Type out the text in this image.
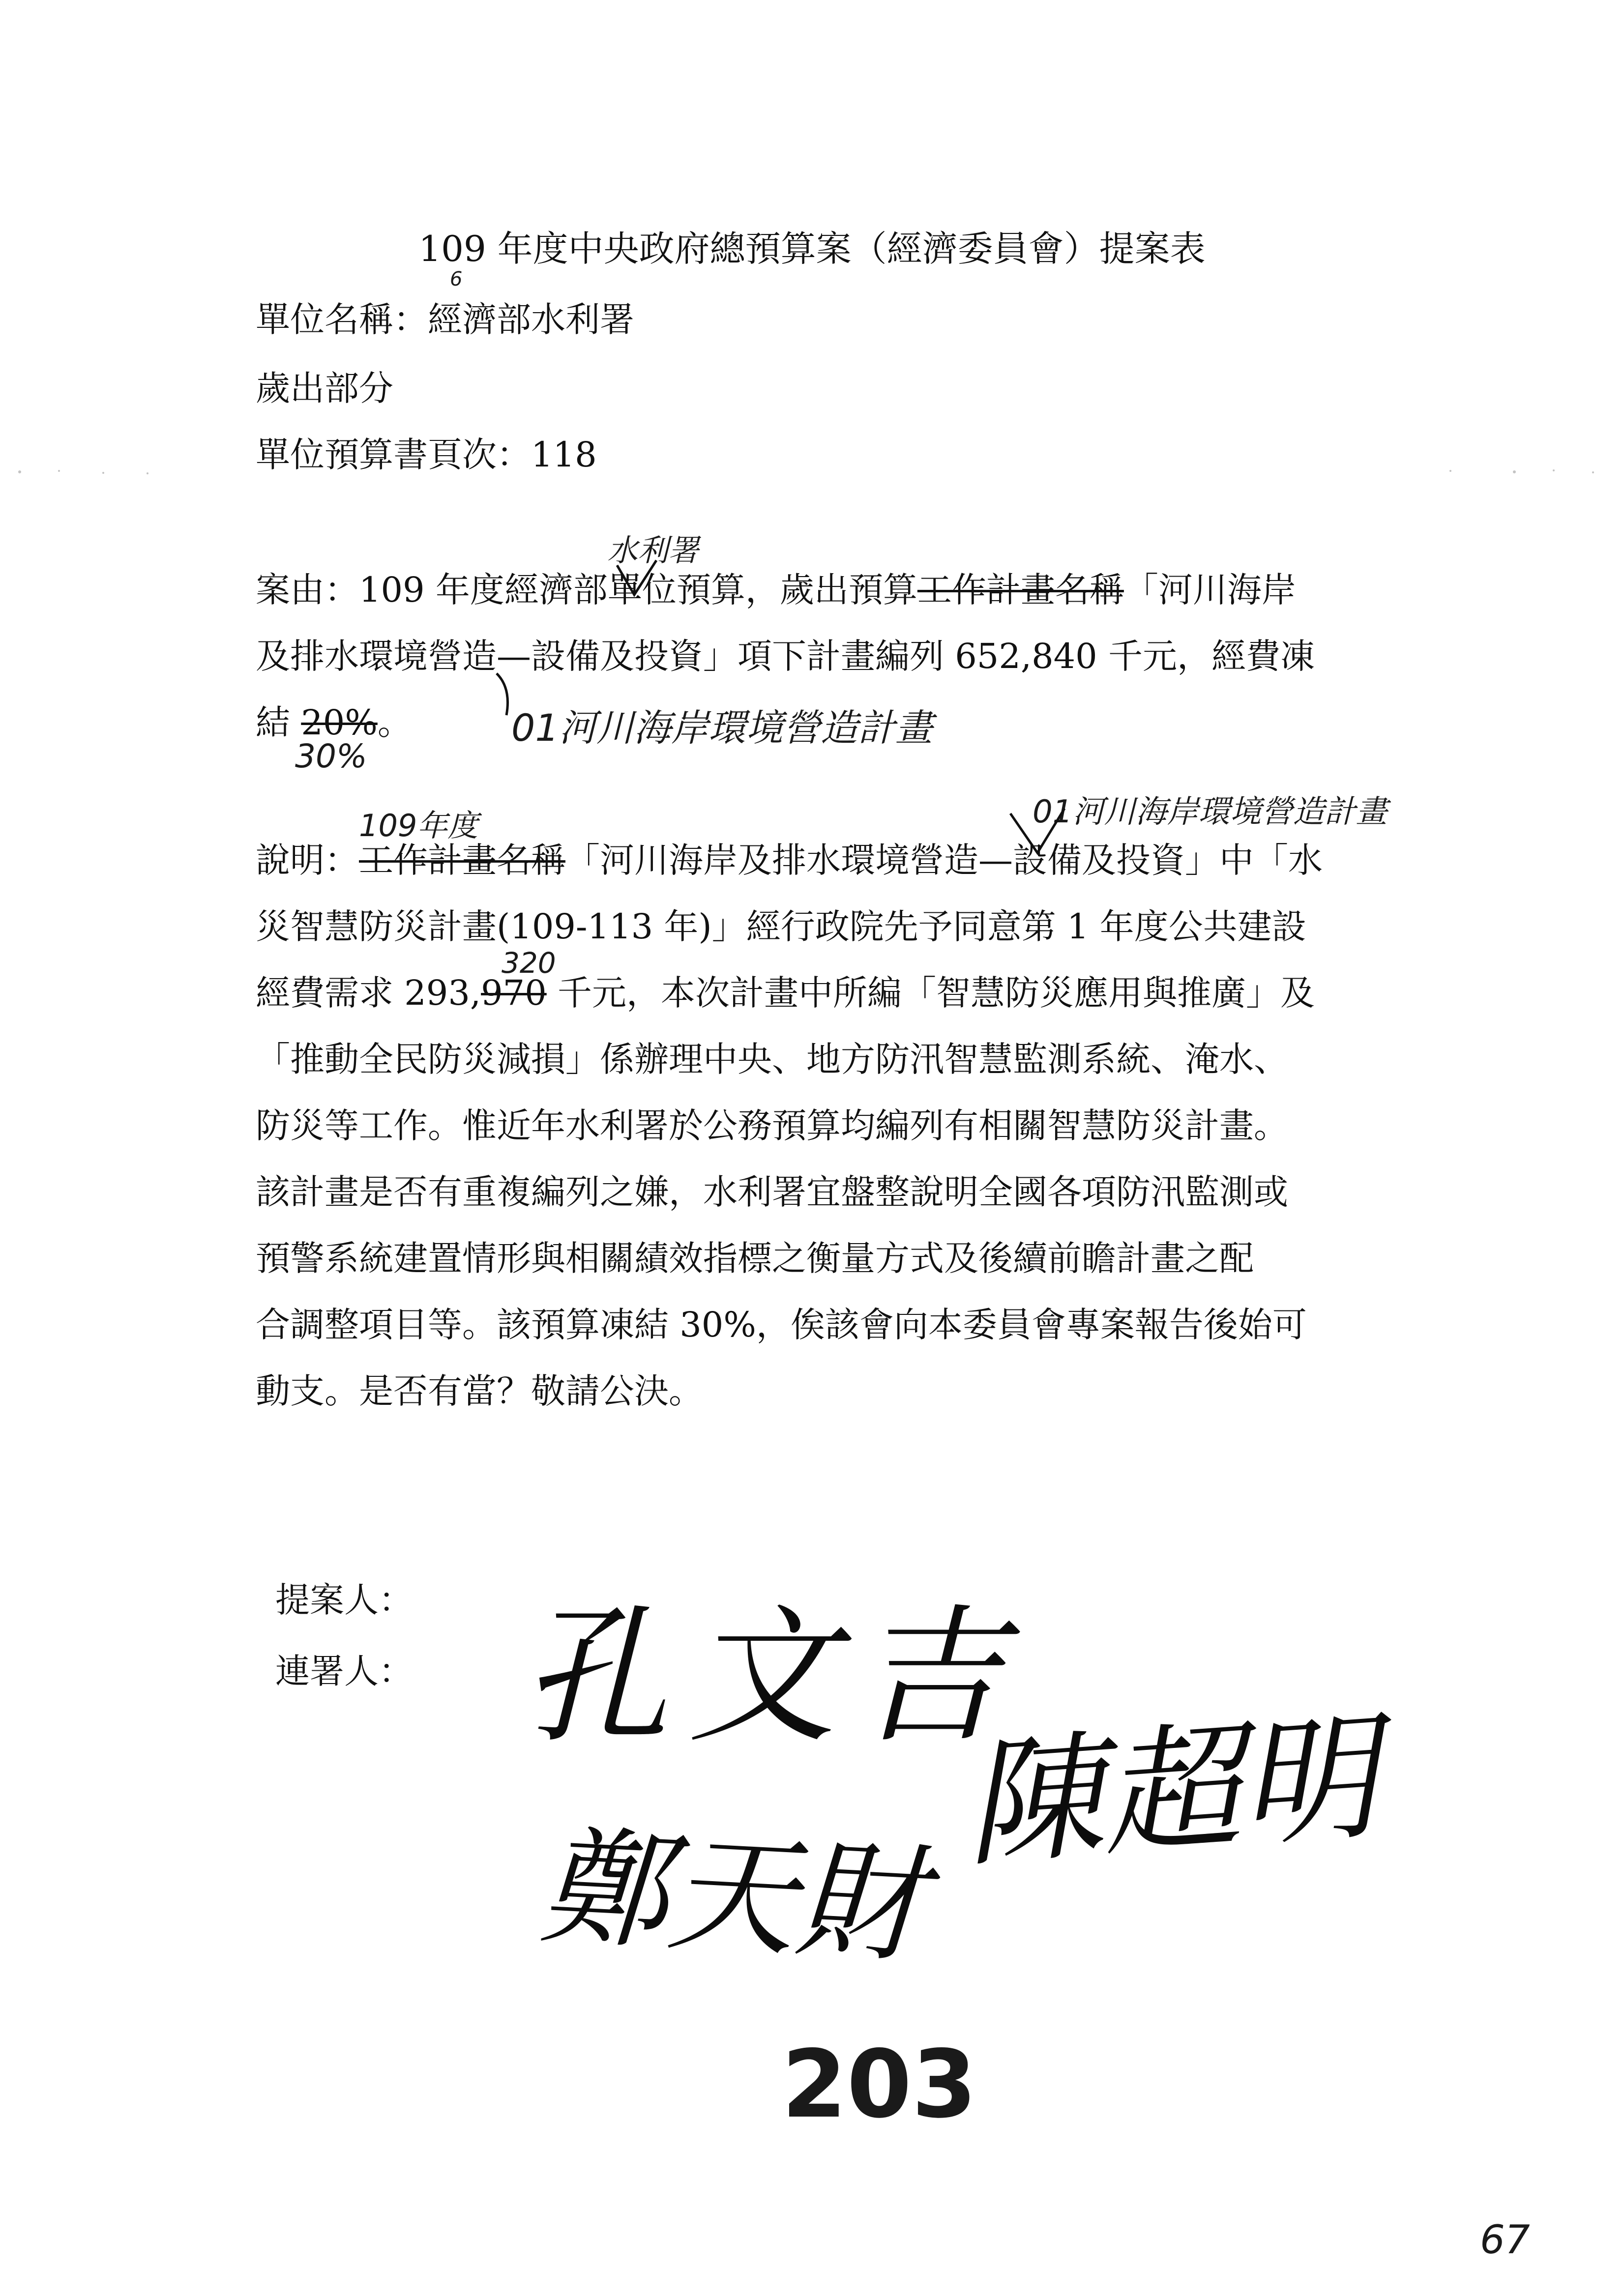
109 年度中央政府總預算案（經濟委員會）提案表
6
單位名稱：經濟部水利署
歲出部分
單位預算書頁次：118
水利署
案由：109 年度經濟部單位預算，歲出預算工作計畫名稱「河川海岸
及排水環境營造—設備及投資」項下計畫編列 652,840 千元，經費凍
結 20%。
30%
01河川海岸環境營造計畫
109年度	01河川海岸環境營造計畫
說明：工作計畫名稱「河川海岸及排水環境營造—設備及投資」中「水
災智慧防災計畫(109-113 年)」經行政院先予同意第 1 年度公共建設
320
經費需求 293,970 千元，本次計畫中所編「智慧防災應用與推廣」及
「推動全民防災減損」係辦理中央、地方防汛智慧監測系統、淹水、
防災等工作。惟近年水利署於公務預算均編列有相關智慧防災計畫。
該計畫是否有重複編列之嫌，水利署宜盤整說明全國各項防汛監測或
預警系統建置情形與相關績效指標之衡量方式及後續前瞻計畫之配
合調整項目等。該預算凍結 30%，俟該會向本委員會專案報告後始可
動支。是否有當？敬請公決。
提案人：
連署人： 孔文吉
陳超明
鄭天財
203
67
